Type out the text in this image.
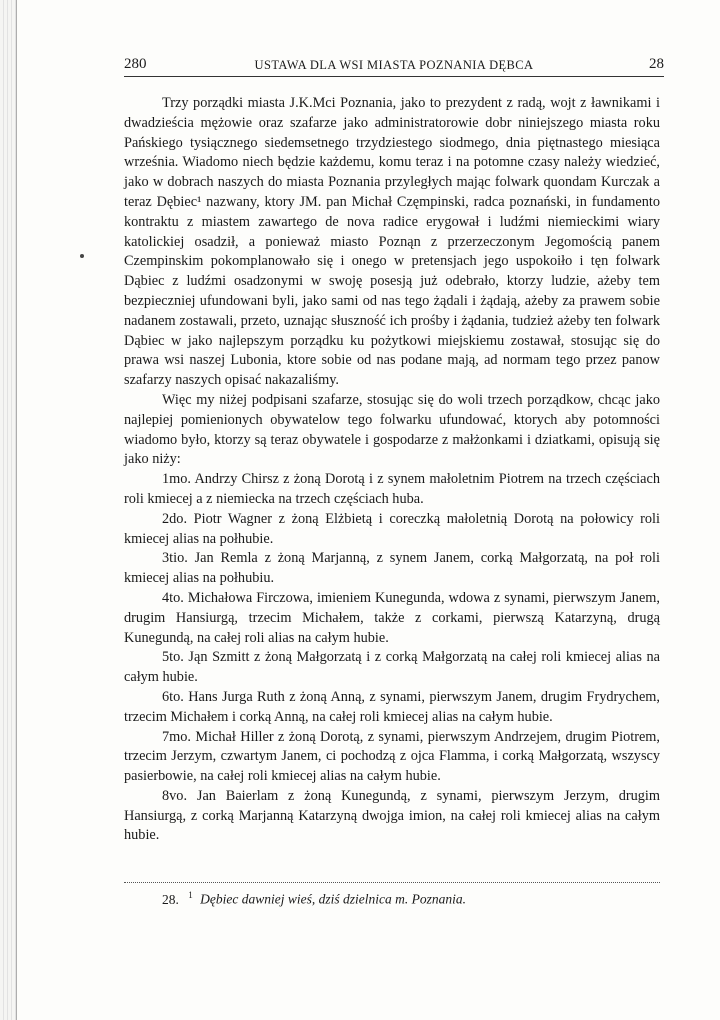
280	USTAWA DLA WSI MIASTA POZNANIA DĘBCA	28

Trzy porządki miasta J.K.Mci Poznania, jako to prezydent z radą, wojt z ławnikami i dwadzieścia mężowie oraz szafarze jako administratorowie dobr niniejszego miasta roku Pańskiego tysiącznego siedemsetnego trzydziestego siodmego, dnia piętnastego miesiąca września. Wiadomo niech będzie każdemu, komu teraz i na potomne czasy należy wiedzieć, jako w dobrach naszych do miasta Poznania przyległych mając folwark quondam Kurczak a teraz Dębiec¹ nazwany, ktory JM. pan Michał Częmpinski, radca poznański, in fundamento kontraktu z miastem zawartego de nova radice erygował i ludźmi niemieckimi wiary katolickiej osadził, a ponieważ miasto Poznąn z przerzeczonym Jegomością panem Czempinskim pokomplanowało się i onego w pretensjach jego uspokoiło i tęn folwark Dąbiec z ludźmi osadzonymi w swoję posesją już odebrało, ktorzy ludzie, ażeby tem bezpieczniej ufundowani byli, jako sami od nas tego żądali i żądają, ażeby za prawem sobie nadanem zostawali, przeto, uznając słuszność ich prośby i żądania, tudzież ażeby ten folwark Dąbiec w jako najlepszym porządku ku pożytkowi miejskiemu zostawał, stosując się do prawa wsi naszej Lubonia, ktore sobie od nas podane mają, ad normam tego przez panow szafarzy naszych opisać nakazaliśmy.

Więc my niżej podpisani szafarze, stosując się do woli trzech porządkow, chcąc jako najlepiej pomienionych obywatelow tego folwarku ufundować, ktorych aby potomności wiadomo było, ktorzy są teraz obywatele i gospodarze z małżonkami i dziatkami, opisują się jako niży:

1mo. Andrzy Chirsz z żoną Dorotą i z synem małoletnim Piotrem na trzech częściach roli kmiecej a z niemiecka na trzech częściach huba.

2do. Piotr Wagner z żoną Elżbietą i coreczką małoletnią Dorotą na połowicy roli kmiecej alias na połhubie.

3tio. Jan Remla z żoną Marjanną, z synem Janem, corką Małgorzatą, na poł roli kmiecej alias na połhubiu.

4to. Michałowa Firczowa, imieniem Kunegunda, wdowa z synami, pierwszym Janem, drugim Hansiurgą, trzecim Michałem, także z corkami, pierwszą Katarzyną, drugą Kunegundą, na całej roli alias na całym hubie.

5to. Jąn Szmitt z żoną Małgorzatą i z corką Małgorzatą na całej roli kmiecej alias na całym hubie.

6to. Hans Jurga Ruth z żoną Anną, z synami, pierwszym Janem, drugim Frydrychem, trzecim Michałem i corką Anną, na całej roli kmiecej alias na całym hubie.

7mo. Michał Hiller z żoną Dorotą, z synami, pierwszym Andrzejem, drugim Piotrem, trzecim Jerzym, czwartym Janem, ci pochodzą z ojca Flamma, i corką Małgorzatą, wszyscy pasierbowie, na całej roli kmiecej alias na całym hubie.

8vo. Jan Baierlam z żoną Kunegundą, z synami, pierwszym Jerzym, drugim Hansiurgą, z corką Marjanną Katarzyną dwojga imion, na całej roli kmiecej alias na całym hubie.

28. $^1$ Dębiec dawniej wieś, dziś dzielnica m. Poznania.
